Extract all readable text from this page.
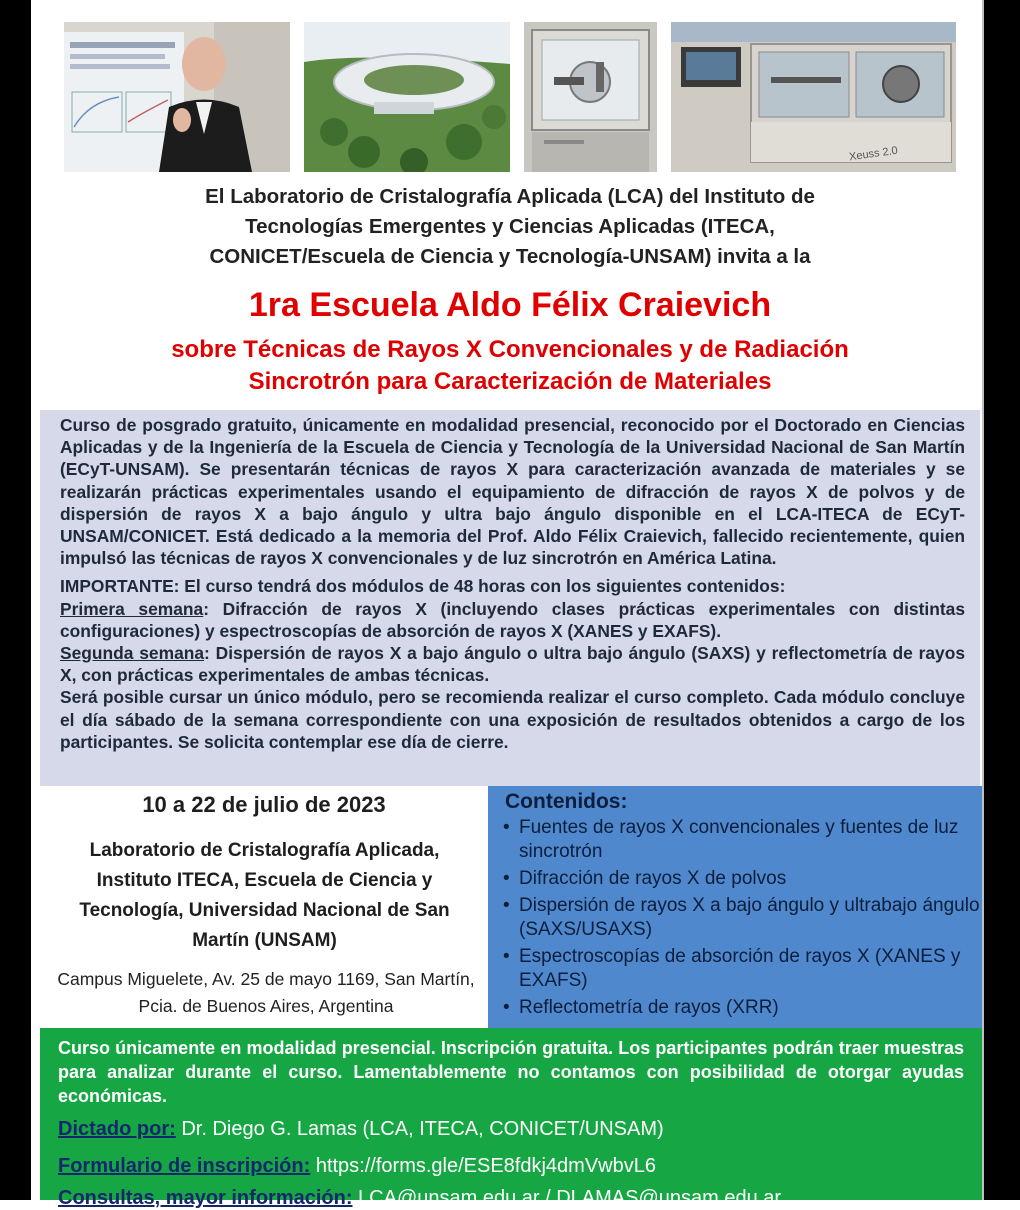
Xeuss 2.0
El Laboratorio de Cristalografía Aplicada (LCA) del Instituto de
Tecnologías Emergentes y Ciencias Aplicadas (ITECA,
CONICET/Escuela de Ciencia y Tecnología-UNSAM) invita a la
1ra Escuela Aldo Félix Craievich
sobre Técnicas de Rayos X Convencionales y de Radiación
Sincrotrón para Caracterización de Materiales

Curso de posgrado gratuito, únicamente en modalidad presencial, reconocido por el Doctorado en Ciencias Aplicadas y de la Ingeniería de la Escuela de Ciencia y Tecnología de la Universidad Nacional de San Martín (ECyT-UNSAM). Se presentarán técnicas de rayos X para caracterización avanzada de materiales y se realizarán prácticas experimentales usando el equipamiento de difracción de rayos X de polvos y de dispersión de rayos X a bajo ángulo y ultra bajo ángulo disponible en el LCA-ITECA de ECyT-UNSAM/CONICET. Está dedicado a la memoria del Prof. Aldo Félix Craievich, fallecido recientemente, quien impulsó las técnicas de rayos X convencionales y de luz sincrotrón en América Latina.

IMPORTANTE: El curso tendrá dos módulos de 48 horas con los siguientes contenidos:

Primera semana: Difracción de rayos X (incluyendo clases prácticas experimentales con distintas configuraciones) y espectroscopías de absorción de rayos X (XANES y EXAFS).

Segunda semana: Dispersión de rayos X a bajo ángulo o ultra bajo ángulo (SAXS) y reflectometría de rayos X, con prácticas experimentales de ambas técnicas.

Será posible cursar un único módulo, pero se recomienda realizar el curso completo. Cada módulo concluye el día sábado de la semana correspondiente con una exposición de resultados obtenidos a cargo de los participantes. Se solicita contemplar ese día de cierre.

10 a 22 de julio de 2023
Laboratorio de Cristalografía Aplicada, Instituto ITECA, Escuela de Ciencia y Tecnología, Universidad Nacional de San Martín (UNSAM)
Campus Miguelete, Av. 25 de mayo 1169, San Martín, Pcia. de Buenos Aires, Argentina
Contenidos:
• Fuentes de rayos X convencionales y fuentes de luz sincrotrón
• Difracción de rayos X de polvos
• Dispersión de rayos X a bajo ángulo y ultrabajo ángulo (SAXS/USAXS)
• Espectroscopías de absorción de rayos X (XANES y EXAFS)
• Reflectometría de rayos (XRR)

Curso únicamente en modalidad presencial. Inscripción gratuita. Los participantes podrán traer muestras para analizar durante el curso. Lamentablemente no contamos con posibilidad de otorgar ayudas económicas.

Dictado por: Dr. Diego G. Lamas (LCA, ITECA, CONICET/UNSAM)
Formulario de inscripción: https://forms.gle/ESE8fdkj4dmVwbvL6
Consultas, mayor información: LCA@unsam.edu.ar / DLAMAS@unsam.edu.ar
